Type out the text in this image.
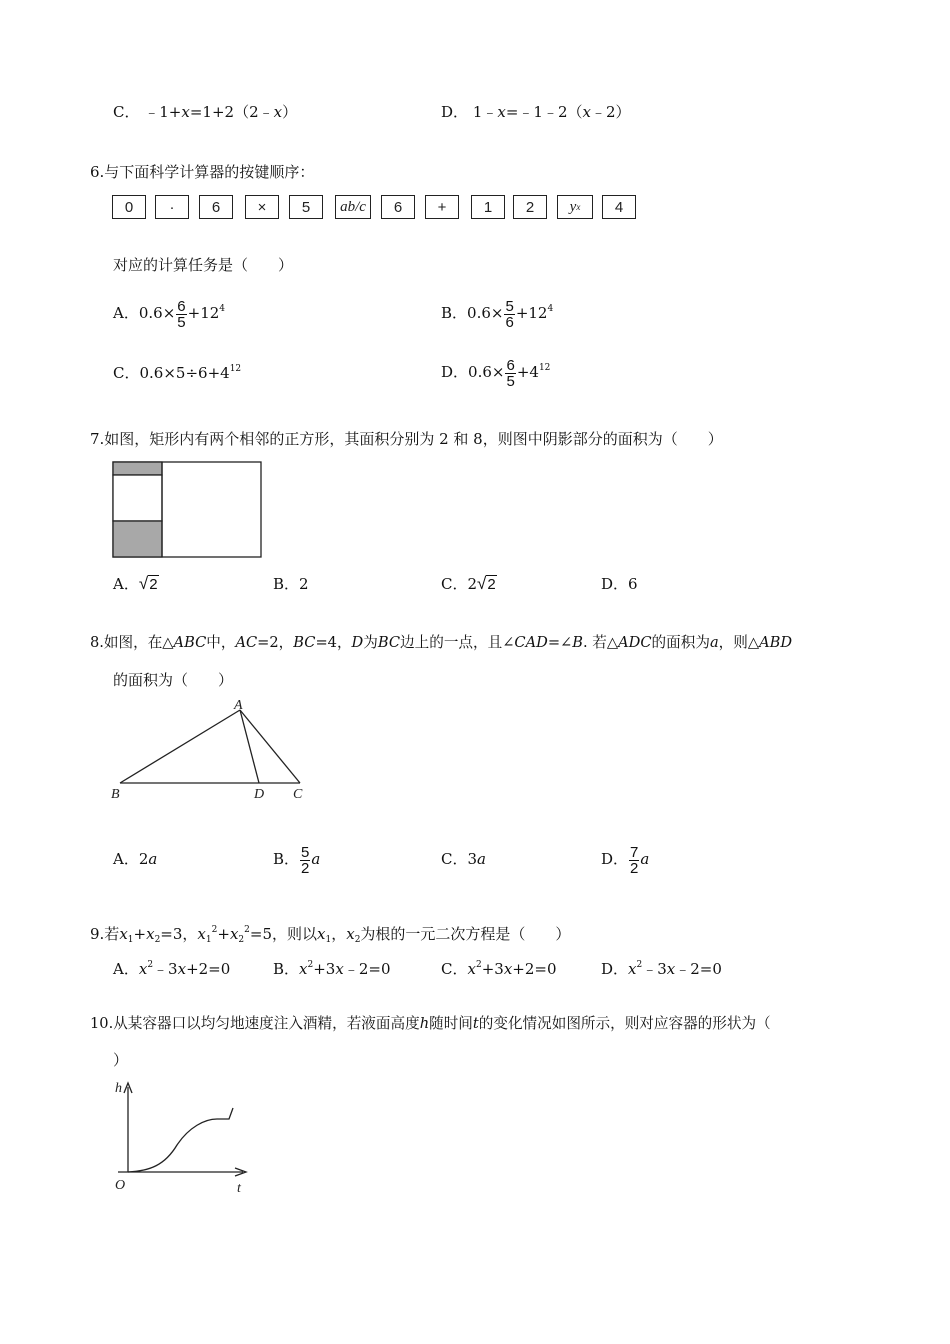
C． ﹣1+x=1+2（2﹣x）	D． 1﹣x=﹣1﹣2（x﹣2）
6.与下面科学计算器的按键顺序：
0	·	6	×	5	ab/c	6	+	1	2	y x	4
对应的计算任务是（　　）
A．$0.6\times \frac{6}{5} +12^4$	B．$0.6\times \frac{5}{6} +12^4$
C．$0.6\times 5\div 6+4^{12}$	D．$0.6\times \frac{6}{5} +4^{12}$
7.如图，矩形内有两个相邻的正方形，其面积分别为 2 和 8，则图中阴影部分的面积为（　　）
A．√2	B．2	C．2√2	D．6
8.如图，在△ABC中，AC=2，BC=4，D为BC边上的一点，且∠CAD=∠B. 若△ADC的面积为a，则△ABD
的面积为（　　）
A
B	D C
A．2a	B． $\frac{5}{2}$ a	C．3a	D． $\frac{7}{2}$ a
9.若$x_1+x_2=3$，$x_1^2+x_2^2=5$，则以$x_1$，$x_2$为根的一元二次方程是（　　）
A．$x^2﹣3x+2=0$	B．$x^2+3x﹣2=0$	C．$x^2+3x+2=0$	D．$x^2﹣3x﹣2=0$
10.从某容器口以均匀地速度注入酒精，若液面高度h随时间t的变化情况如图所示，则对应容器的形状为（
）
h
O	t
